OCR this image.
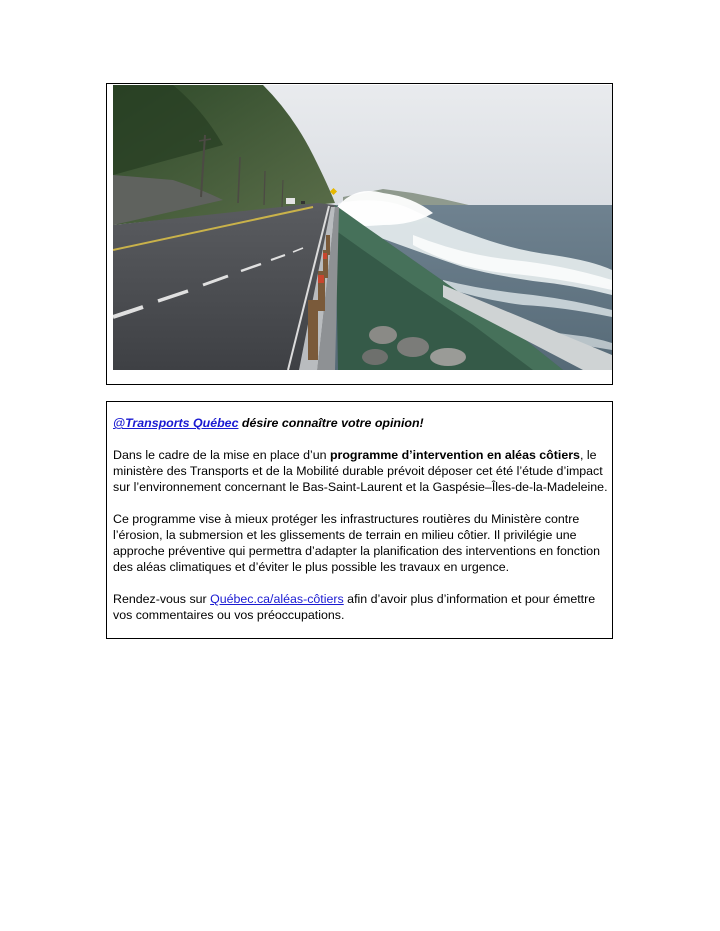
@Transports Québec désire connaître votre opinion!

Dans le cadre de la mise en place d’un programme d’intervention en aléas côtiers, le ministère des Transports et de la Mobilité durable prévoit déposer cet été l’étude d’impact sur l’environnement concernant le Bas-Saint-Laurent et la Gaspésie–Îles-de-la-Madeleine.

Ce programme vise à mieux protéger les infrastructures routières du Ministère contre l’érosion, la submersion et les glissements de terrain en milieu côtier. Il privilégie une approche préventive qui permettra d’adapter la planification des interventions en fonction des aléas climatiques et d’éviter le plus possible les travaux en urgence.

Rendez-vous sur Québec.ca/aléas-côtiers afin d’avoir plus d’information et pour émettre vos commentaires ou vos préoccupations.
